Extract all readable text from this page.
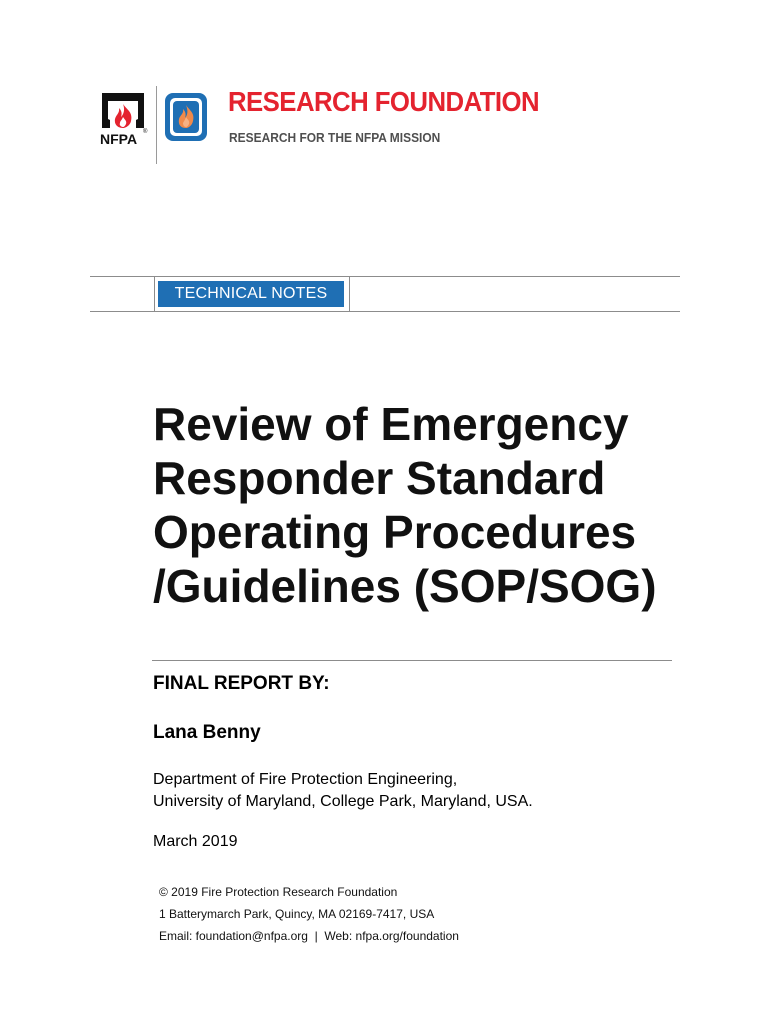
NFPA ®
RESEARCH FOUNDATION
RESEARCH FOR THE NFPA MISSION
TECHNICAL NOTES
Review of Emergency
Responder Standard
Operating Procedures
/Guidelines (SOP/SOG)
FINAL REPORT BY:
Lana Benny
Department of Fire Protection Engineering,
University of Maryland, College Park, Maryland, USA.
March 2019
© 2019 Fire Protection Research Foundation
1 Batterymarch Park, Quincy, MA 02169-7417, USA
Email: foundation@nfpa.org  |  Web: nfpa.org/foundation
